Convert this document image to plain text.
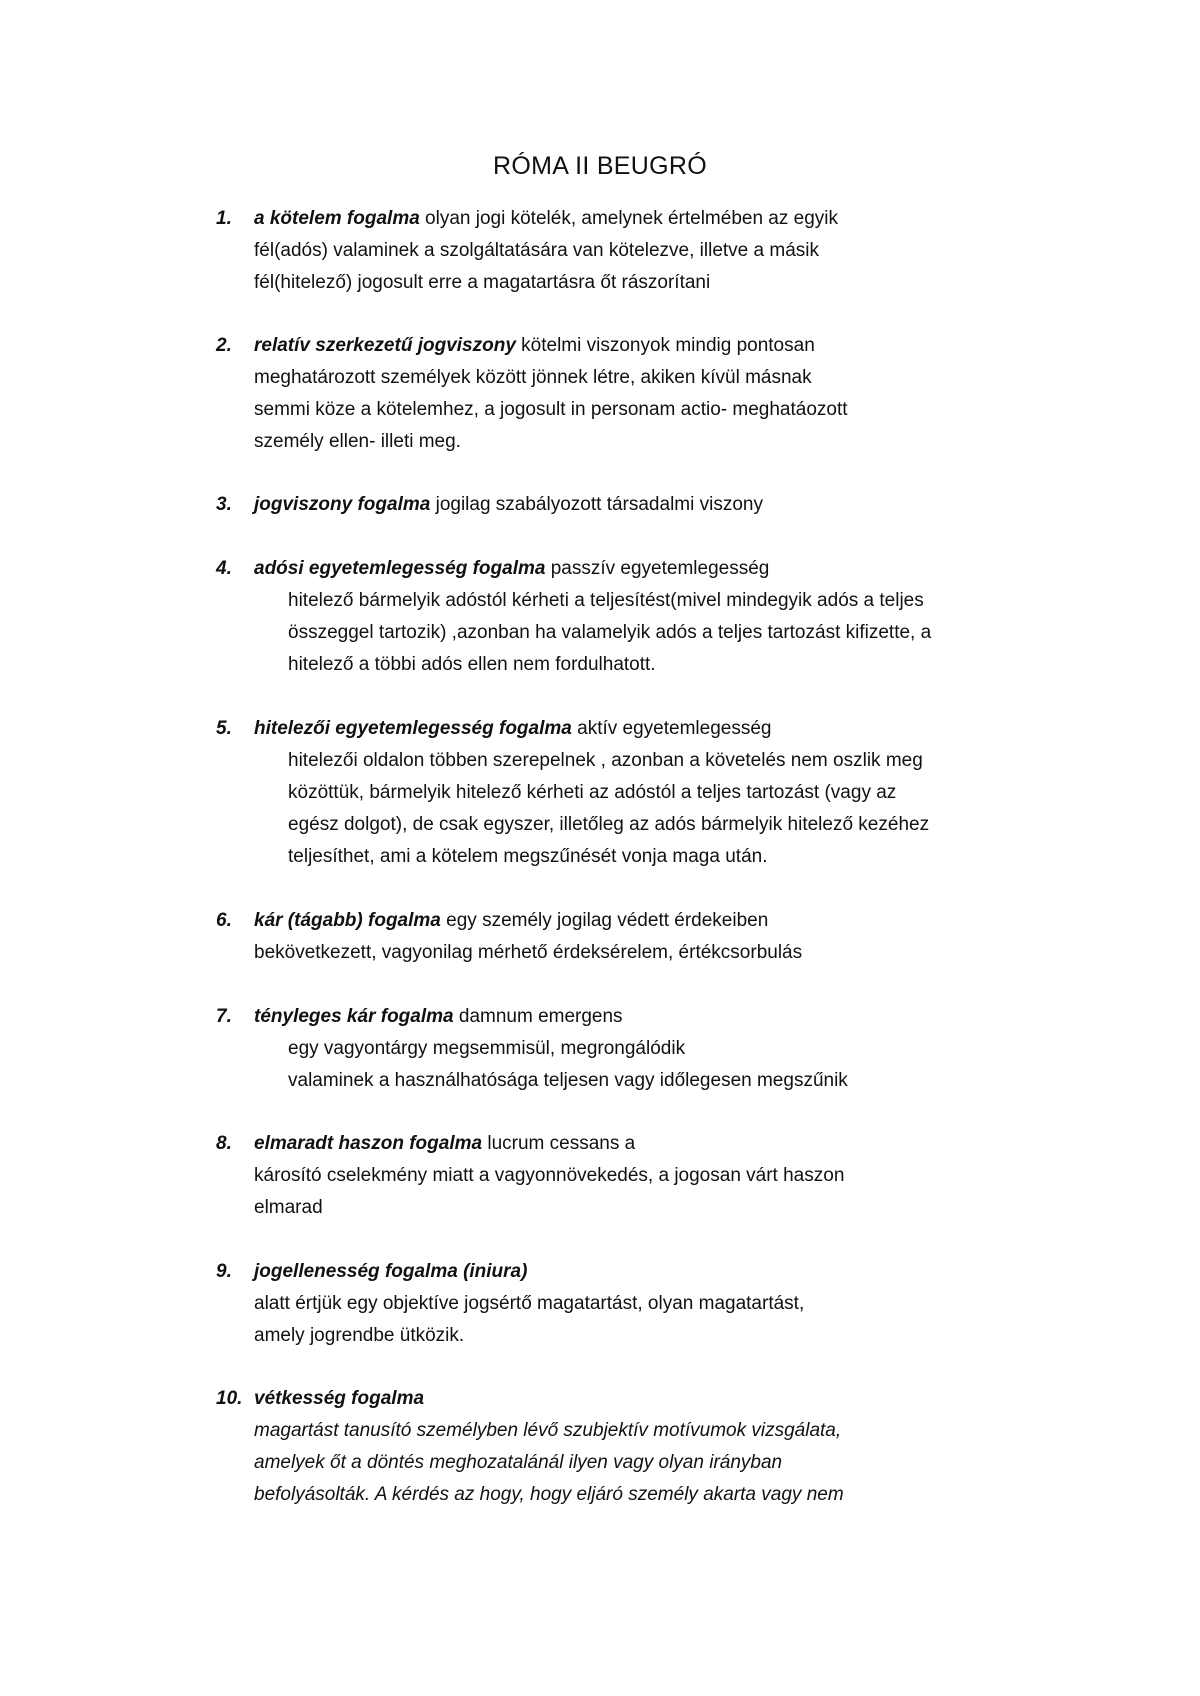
RÓMA II BEUGRÓ
1. a kötelem fogalma olyan jogi kötelék, amelynek értelmében az egyik
fél(adós) valaminek a szolgáltatására van kötelezve, illetve a másik
fél(hitelező) jogosult erre a magatartásra őt rászorítani
2. relatív szerkezetű jogviszony kötelmi viszonyok mindig pontosan
meghatározott személyek között jönnek létre, akiken kívül másnak
semmi köze a kötelemhez, a jogosult in personam actio- meghatáozott
személy ellen- illeti meg.
3. jogviszony fogalma jogilag szabályozott társadalmi viszony
4. adósi egyetemlegesség fogalma passzív egyetemlegesség
hitelező bármelyik adóstól kérheti a teljesítést(mivel mindegyik adós a teljes
összeggel tartozik) ,azonban ha valamelyik adós a teljes tartozást kifizette, a
hitelező a többi adós ellen nem fordulhatott.
5. hitelezői egyetemlegesség fogalma aktív egyetemlegesség
hitelezői oldalon többen szerepelnek , azonban a követelés nem oszlik meg
közöttük, bármelyik hitelező kérheti az adóstól a teljes tartozást (vagy az
egész dolgot), de csak egyszer, illetőleg az adós bármelyik hitelező kezéhez
teljesíthet, ami a kötelem megszűnését vonja maga után.
6. kár (tágabb) fogalma egy személy jogilag védett érdekeiben
bekövetkezett, vagyonilag mérhető érdeksérelem, értékcsorbulás
7. tényleges kár fogalma damnum emergens
egy vagyontárgy megsemmisül, megrongálódik
valaminek a használhatósága teljesen vagy időlegesen megszűnik
8. elmaradt haszon fogalma lucrum cessans a
károsító cselekmény miatt a vagyonnövekedés, a jogosan várt haszon
elmarad
9. jogellenesség fogalma (iniura)
alatt értjük egy objektíve jogsértő magatartást, olyan magatartást,
amely jogrendbe ütközik.
10. vétkesség fogalma
magartást tanusító személyben lévő szubjektív motívumok vizsgálata,
amelyek őt a döntés meghozatalánál ilyen vagy olyan irányban
befolyásolták. A kérdés az hogy, hogy eljáró személy akarta vagy nem
